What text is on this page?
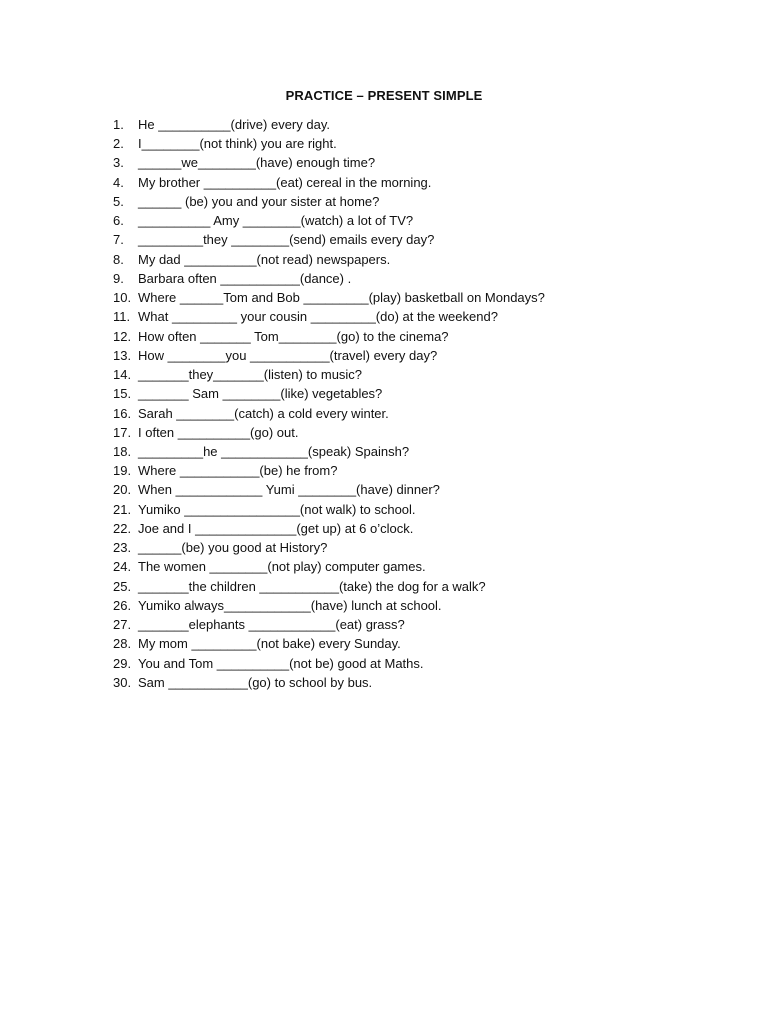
PRACTICE – PRESENT SIMPLE
1. He __________(drive) every day.
2. I________(not think) you are right.
3. ______we________(have) enough time?
4. My brother __________(eat) cereal in the morning.
5. ______ (be) you and your sister at home?
6. __________ Amy ________(watch) a lot of TV?
7. _________they ________(send) emails every day?
8. My dad __________(not read) newspapers.
9. Barbara often ___________(dance) .
10. Where ______Tom and Bob _________(play) basketball on Mondays?
11. What _________ your cousin _________(do) at the weekend?
12. How often _______ Tom________(go) to the cinema?
13. How ________you ___________(travel) every day?
14. _______they_______(listen) to music?
15. _______ Sam ________(like) vegetables?
16. Sarah ________(catch) a cold every winter.
17. I often __________(go) out.
18. _________he ____________(speak) Spainsh?
19. Where ___________(be) he from?
20. When ____________ Yumi ________(have) dinner?
21. Yumiko ________________(not walk) to school.
22. Joe and I ______________(get up) at 6 o’clock.
23. ______(be) you good at History?
24. The women ________(not play) computer games.
25. _______the children ___________(take) the dog for a walk?
26. Yumiko always____________(have) lunch at school.
27. _______elephants ____________(eat) grass?
28. My mom _________(not bake) every Sunday.
29. You and Tom __________(not be) good at Maths.
30. Sam ___________(go) to school by bus.
